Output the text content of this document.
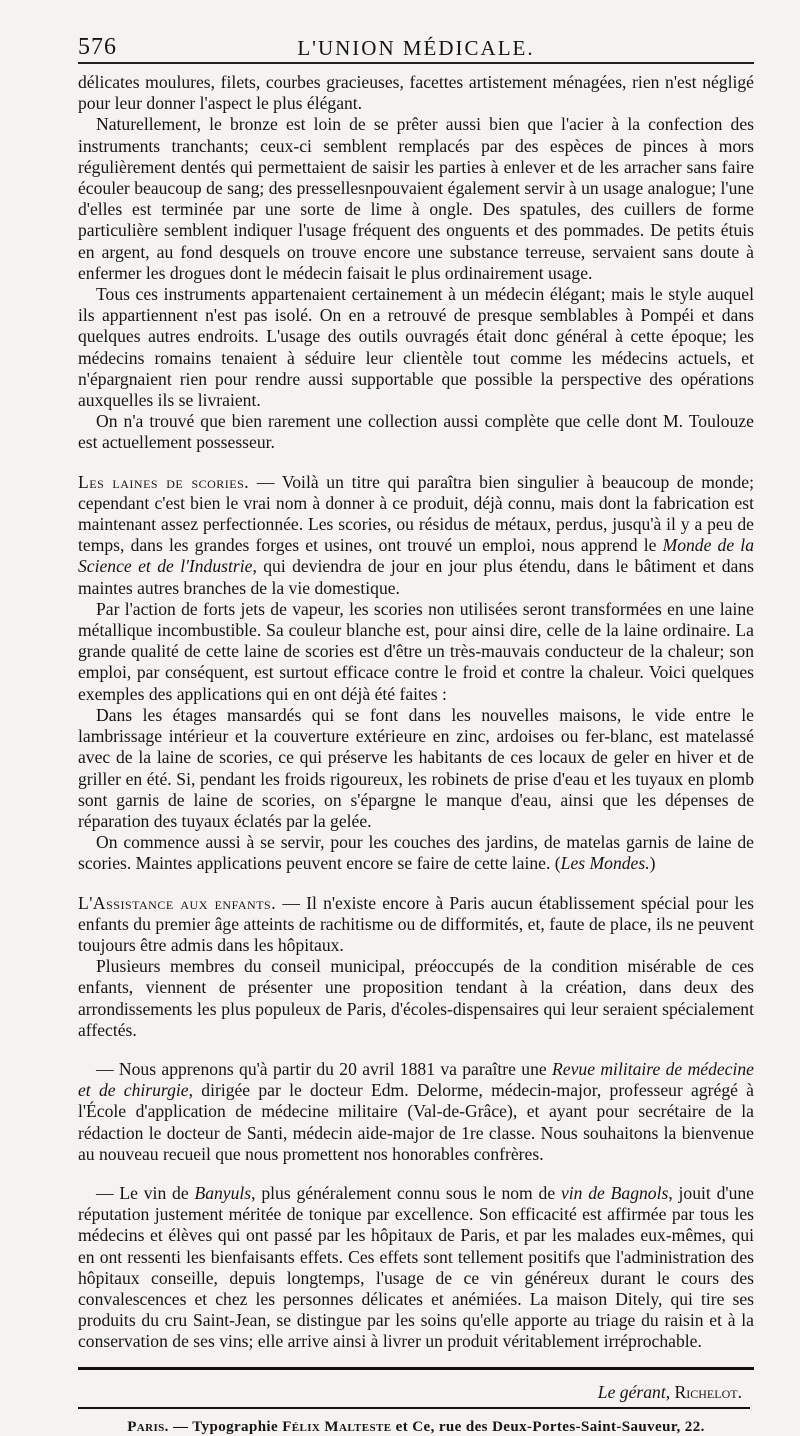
576	L'UNION MÉDICALE.

délicates moulures, filets, courbes gracieuses, facettes artistement ménagées, rien n'est négligé pour leur donner l'aspect le plus élégant.

Naturellement, le bronze est loin de se prêter aussi bien que l'acier à la confection des instruments tranchants; ceux-ci semblent remplacés par des espèces de pinces à mors régulièrement dentés qui permettaient de saisir les parties à enlever et de les arracher sans faire écouler beaucoup de sang; des pressellesnpouvaient également servir à un usage analogue; l'une d'elles est terminée par une sorte de lime à ongle. Des spatules, des cuillers de forme particulière semblent indiquer l'usage fréquent des onguents et des pommades. De petits étuis en argent, au fond desquels on trouve encore une substance terreuse, servaient sans doute à enfermer les drogues dont le médecin faisait le plus ordinairement usage.

Tous ces instruments appartenaient certainement à un médecin élégant; mais le style auquel ils appartiennent n'est pas isolé. On en a retrouvé de presque semblables à Pompéi et dans quelques autres endroits. L'usage des outils ouvragés était donc général à cette époque; les médecins romains tenaient à séduire leur clientèle tout comme les médecins actuels, et n'épargnaient rien pour rendre aussi supportable que possible la perspective des opérations auxquelles ils se livraient.

On n'a trouvé que bien rarement une collection aussi complète que celle dont M. Toulouze est actuellement possesseur.

Les laines de scories. — Voilà un titre qui paraîtra bien singulier à beaucoup de monde; cependant c'est bien le vrai nom à donner à ce produit, déjà connu, mais dont la fabrication est maintenant assez perfectionnée. Les scories, ou résidus de métaux, perdus, jusqu'à il y a peu de temps, dans les grandes forges et usines, ont trouvé un emploi, nous apprend le Monde de la Science et de l'Industrie, qui deviendra de jour en jour plus étendu, dans le bâtiment et dans maintes autres branches de la vie domestique.

Par l'action de forts jets de vapeur, les scories non utilisées seront transformées en une laine métallique incombustible. Sa couleur blanche est, pour ainsi dire, celle de la laine ordinaire. La grande qualité de cette laine de scories est d'être un très-mauvais conducteur de la chaleur; son emploi, par conséquent, est surtout efficace contre le froid et contre la chaleur. Voici quelques exemples des applications qui en ont déjà été faites :

Dans les étages mansardés qui se font dans les nouvelles maisons, le vide entre le lambrissage intérieur et la couverture extérieure en zinc, ardoises ou fer-blanc, est matelassé avec de la laine de scories, ce qui préserve les habitants de ces locaux de geler en hiver et de griller en été. Si, pendant les froids rigoureux, les robinets de prise d'eau et les tuyaux en plomb sont garnis de laine de scories, on s'épargne le manque d'eau, ainsi que les dépenses de réparation des tuyaux éclatés par la gelée.

On commence aussi à se servir, pour les couches des jardins, de matelas garnis de laine de scories. Maintes applications peuvent encore se faire de cette laine. (Les Mondes.)

L'Assistance aux enfants. — Il n'existe encore à Paris aucun établissement spécial pour les enfants du premier âge atteints de rachitisme ou de difformités, et, faute de place, ils ne peuvent toujours être admis dans les hôpitaux.

Plusieurs membres du conseil municipal, préoccupés de la condition misérable de ces enfants, viennent de présenter une proposition tendant à la création, dans deux des arrondissements les plus populeux de Paris, d'écoles-dispensaires qui leur seraient spécialement affectés.

— Nous apprenons qu'à partir du 20 avril 1881 va paraître une Revue militaire de médecine et de chirurgie, dirigée par le docteur Edm. Delorme, médecin-major, professeur agrégé à l'École d'application de médecine militaire (Val-de-Grâce), et ayant pour secrétaire de la rédaction le docteur de Santi, médecin aide-major de 1re classe. Nous souhaitons la bienvenue au nouveau recueil que nous promettent nos honorables confrères.

— Le vin de Banyuls, plus généralement connu sous le nom de vin de Bagnols, jouit d'une réputation justement méritée de tonique par excellence. Son efficacité est affirmée par tous les médecins et élèves qui ont passé par les hôpitaux de Paris, et par les malades eux-mêmes, qui en ont ressenti les bienfaisants effets. Ces effets sont tellement positifs que l'administration des hôpitaux conseille, depuis longtemps, l'usage de ce vin généreux durant le cours des convalescences et chez les personnes délicates et anémiées. La maison Ditely, qui tire ses produits du cru Saint-Jean, se distingue par les soins qu'elle apporte au triage du raisin et à la conservation de ses vins; elle arrive ainsi à livrer un produit véritablement irréprochable.

Le gérant, Richelot.
Paris. — Typographie Félix Malteste et Ce, rue des Deux-Portes-Saint-Sauveur, 22.
